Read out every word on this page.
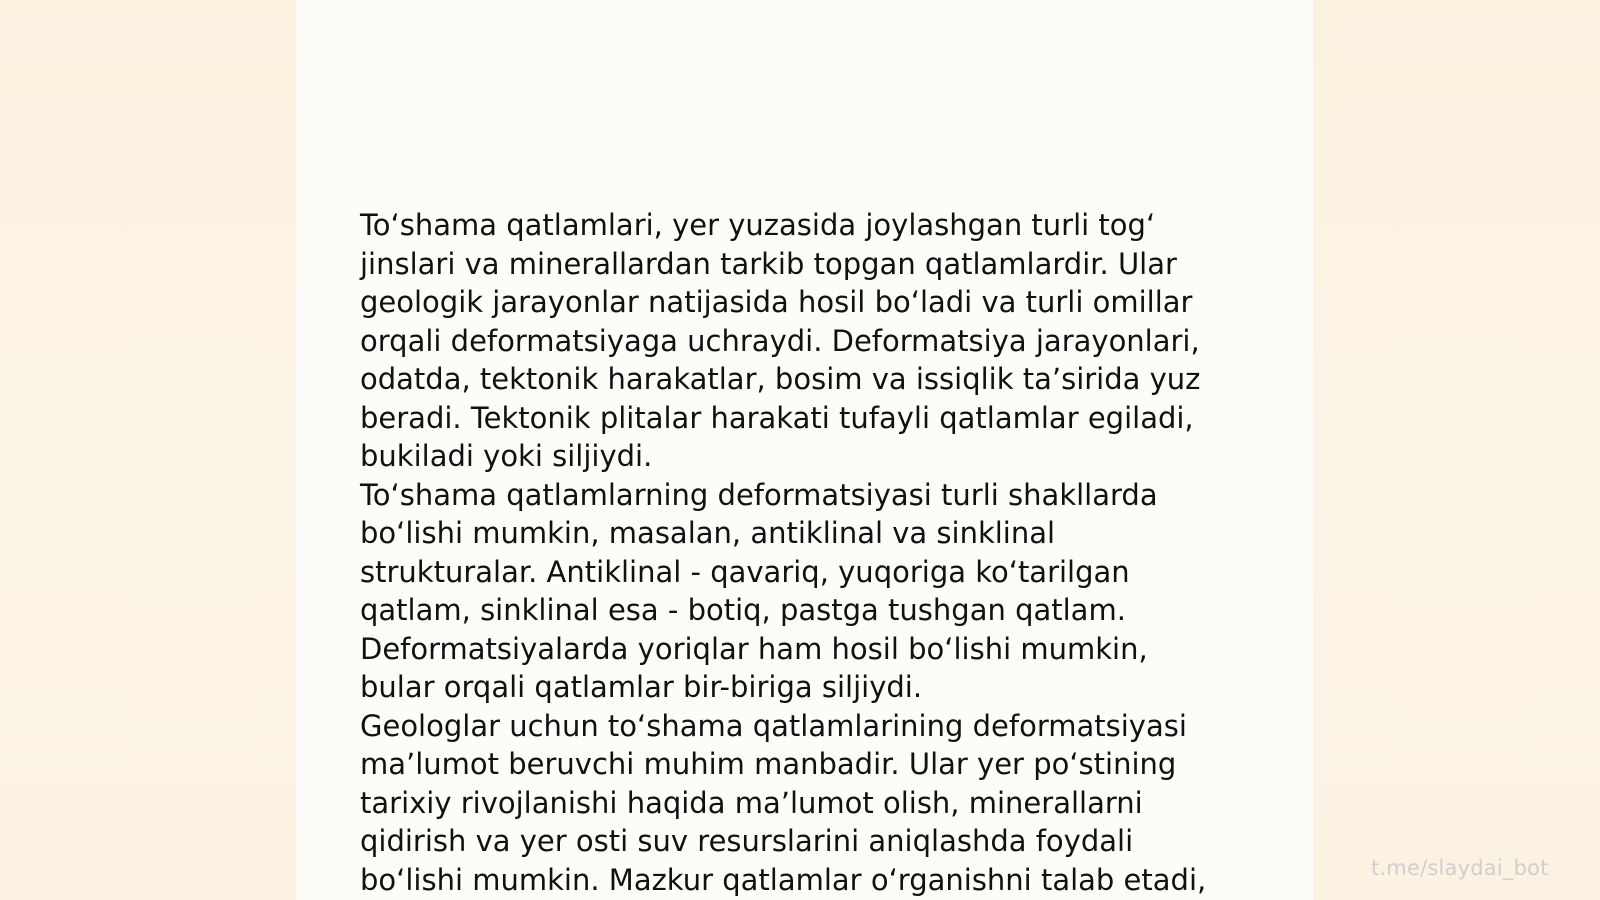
To‘shama qatlamlari, yer yuzasida joylashgan turli tog‘
jinslari va minerallardan tarkib topgan qatlamlardir. Ular
geologik jarayonlar natijasida hosil bo‘ladi va turli omillar
orqali deformatsiyaga uchraydi. Deformatsiya jarayonlari,
odatda, tektonik harakatlar, bosim va issiqlik ta’sirida yuz
beradi. Tektonik plitalar harakati tufayli qatlamlar egiladi,
bukiladi yoki siljiydi.
To‘shama qatlamlarning deformatsiyasi turli shakllarda
bo‘lishi mumkin, masalan, antiklinal va sinklinal
strukturalar. Antiklinal - qavariq, yuqoriga ko‘tarilgan
qatlam, sinklinal esa - botiq, pastga tushgan qatlam.
Deformatsiyalarda yoriqlar ham hosil bo‘lishi mumkin,
bular orqali qatlamlar bir-biriga siljiydi.
Geologlar uchun to‘shama qatlamlarining deformatsiyasi
ma’lumot beruvchi muhim manbadir. Ular yer po‘stining
tarixiy rivojlanishi haqida ma’lumot olish, minerallarni
qidirish va yer osti suv resurslarini aniqlashda foydali
bo‘lishi mumkin. Mazkur qatlamlar o‘rganishni talab etadi,	t.me/slaydai_bot
